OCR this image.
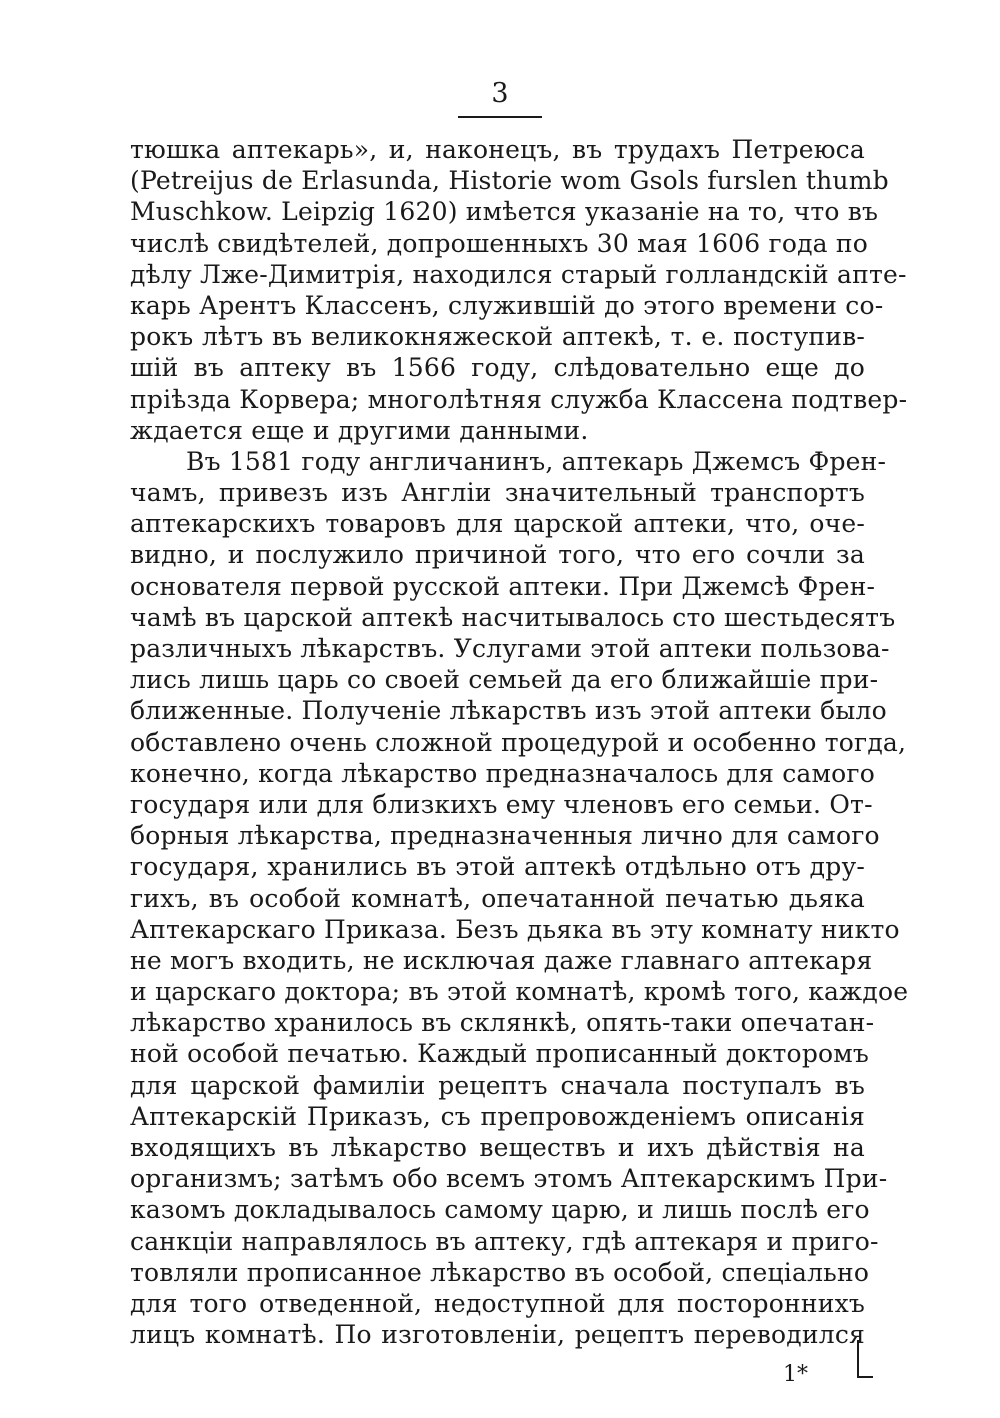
3
тюшка аптекарь», и, наконецъ, въ трудахъ Петреюса
(Petreijus de Erlasunda, Historie wom Gsols furslen thumb
Muschkow. Leipzig 1620) имѣется указаніе на то, что въ
числѣ свидѣтелей, допрошенныхъ 30 мая 1606 года по
дѣлу Лже-Димитрія, находился старый голландскій апте-
карь Арентъ Классенъ, служившій до этого времени со-
рокъ лѣтъ въ великокняжеской аптекѣ, т. е. поступив-
шій въ аптеку въ 1566 году, слѣдовательно еще до
пріѣзда Корвера; многолѣтняя служба Классена подтвер-
ждается еще и другими данными.
Въ 1581 году англичанинъ, аптекарь Джемсъ Френ-
чамъ, привезъ изъ Англіи значительный транспортъ
аптекарскихъ товаровъ для царской аптеки, что, оче-
видно, и послужило причиной того, что его сочли за
основателя первой русской аптеки. При Джемсѣ Френ-
чамѣ въ царской аптекѣ насчитывалось сто шестьдесятъ
различныхъ лѣкарствъ. Услугами этой аптеки пользова-
лись лишь царь со своей семьей да его ближайшіе при-
ближенные. Полученіе лѣкарствъ изъ этой аптеки было
обставлено очень сложной процедурой и особенно тогда,
конечно, когда лѣкарство предназначалось для самого
государя или для близкихъ ему членовъ его семьи. От-
борныя лѣкарства, предназначенныя лично для самого
государя, хранились въ этой аптекѣ отдѣльно отъ дру-
гихъ, въ особой комнатѣ, опечатанной печатью дьяка
Аптекарскаго Приказа. Безъ дьяка въ эту комнату никто
не могъ входить, не исключая даже главнаго аптекаря
и царскаго доктора; въ этой комнатѣ, кромѣ того, каждое
лѣкарство хранилось въ склянкѣ, опять-таки опечатан-
ной особой печатью. Каждый прописанный докторомъ
для царской фамиліи рецептъ сначала поступалъ въ
Аптекарскій Приказъ, съ препровожденіемъ описанія
входящихъ въ лѣкарство веществъ и ихъ дѣйствія на
организмъ; затѣмъ обо всемъ этомъ Аптекарскимъ При-
казомъ докладывалось самому царю, и лишь послѣ его
санкціи направлялось въ аптеку, гдѣ аптекаря и приго-
товляли прописанное лѣкарство въ особой, спеціально
для того отведенной, недоступной для постороннихъ
лицъ комнатѣ. По изготовленіи, рецептъ переводился
1*
